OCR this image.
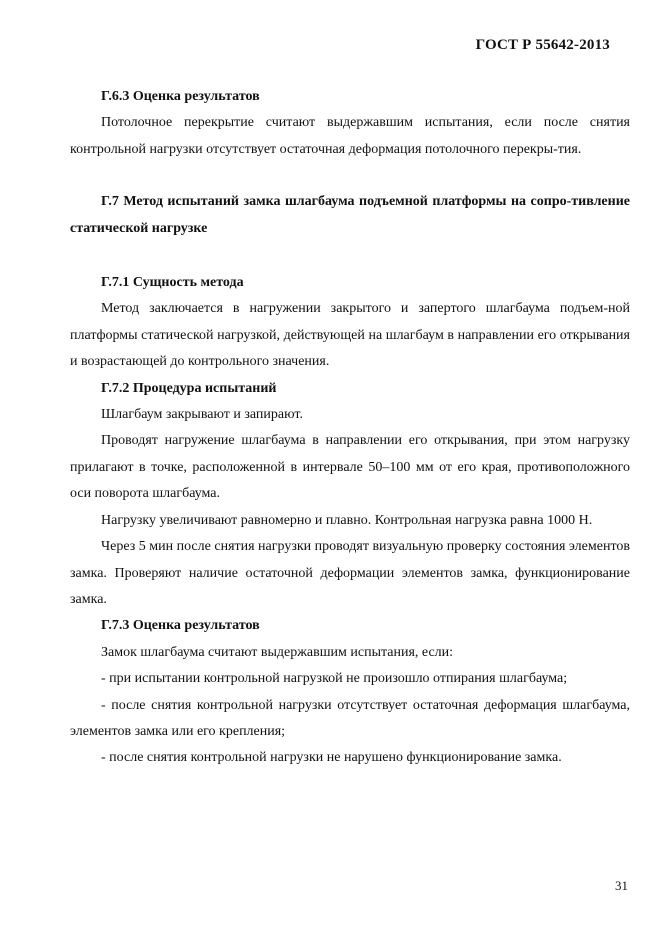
ГОСТ Р 55642-2013

Г.6.3 Оценка результатов

Потолочное перекрытие считают выдержавшим испытания, если после снятия контрольной нагрузки отсутствует остаточная деформация потолочного перекры-тия.

Г.7 Метод испытаний замка шлагбаума подъемной платформы на сопро-тивление статической нагрузке

Г.7.1 Сущность метода

Метод заключается в нагружении закрытого и запертого шлагбаума подъем-ной платформы статической нагрузкой, действующей на шлагбаум в направлении его открывания и возрастающей до контрольного значения.

Г.7.2 Процедура испытаний

Шлагбаум закрывают и запирают.

Проводят нагружение шлагбаума в направлении его открывания, при этом нагрузку прилагают в точке, расположенной в интервале 50–100 мм от его края, противоположного оси поворота шлагбаума.

Нагрузку увеличивают равномерно и плавно. Контрольная нагрузка равна 1000 Н.

Через 5 мин после снятия нагрузки проводят визуальную проверку состояния элементов замка. Проверяют наличие остаточной деформации элементов замка, функционирование замка.

Г.7.3 Оценка результатов

Замок шлагбаума считают выдержавшим испытания, если:

- при испытании контрольной нагрузкой не произошло отпирания шлагбаума;

- после снятия контрольной нагрузки отсутствует остаточная деформация шлагбаума, элементов замка или его крепления;

- после снятия контрольной нагрузки не нарушено функционирование замка.

31
